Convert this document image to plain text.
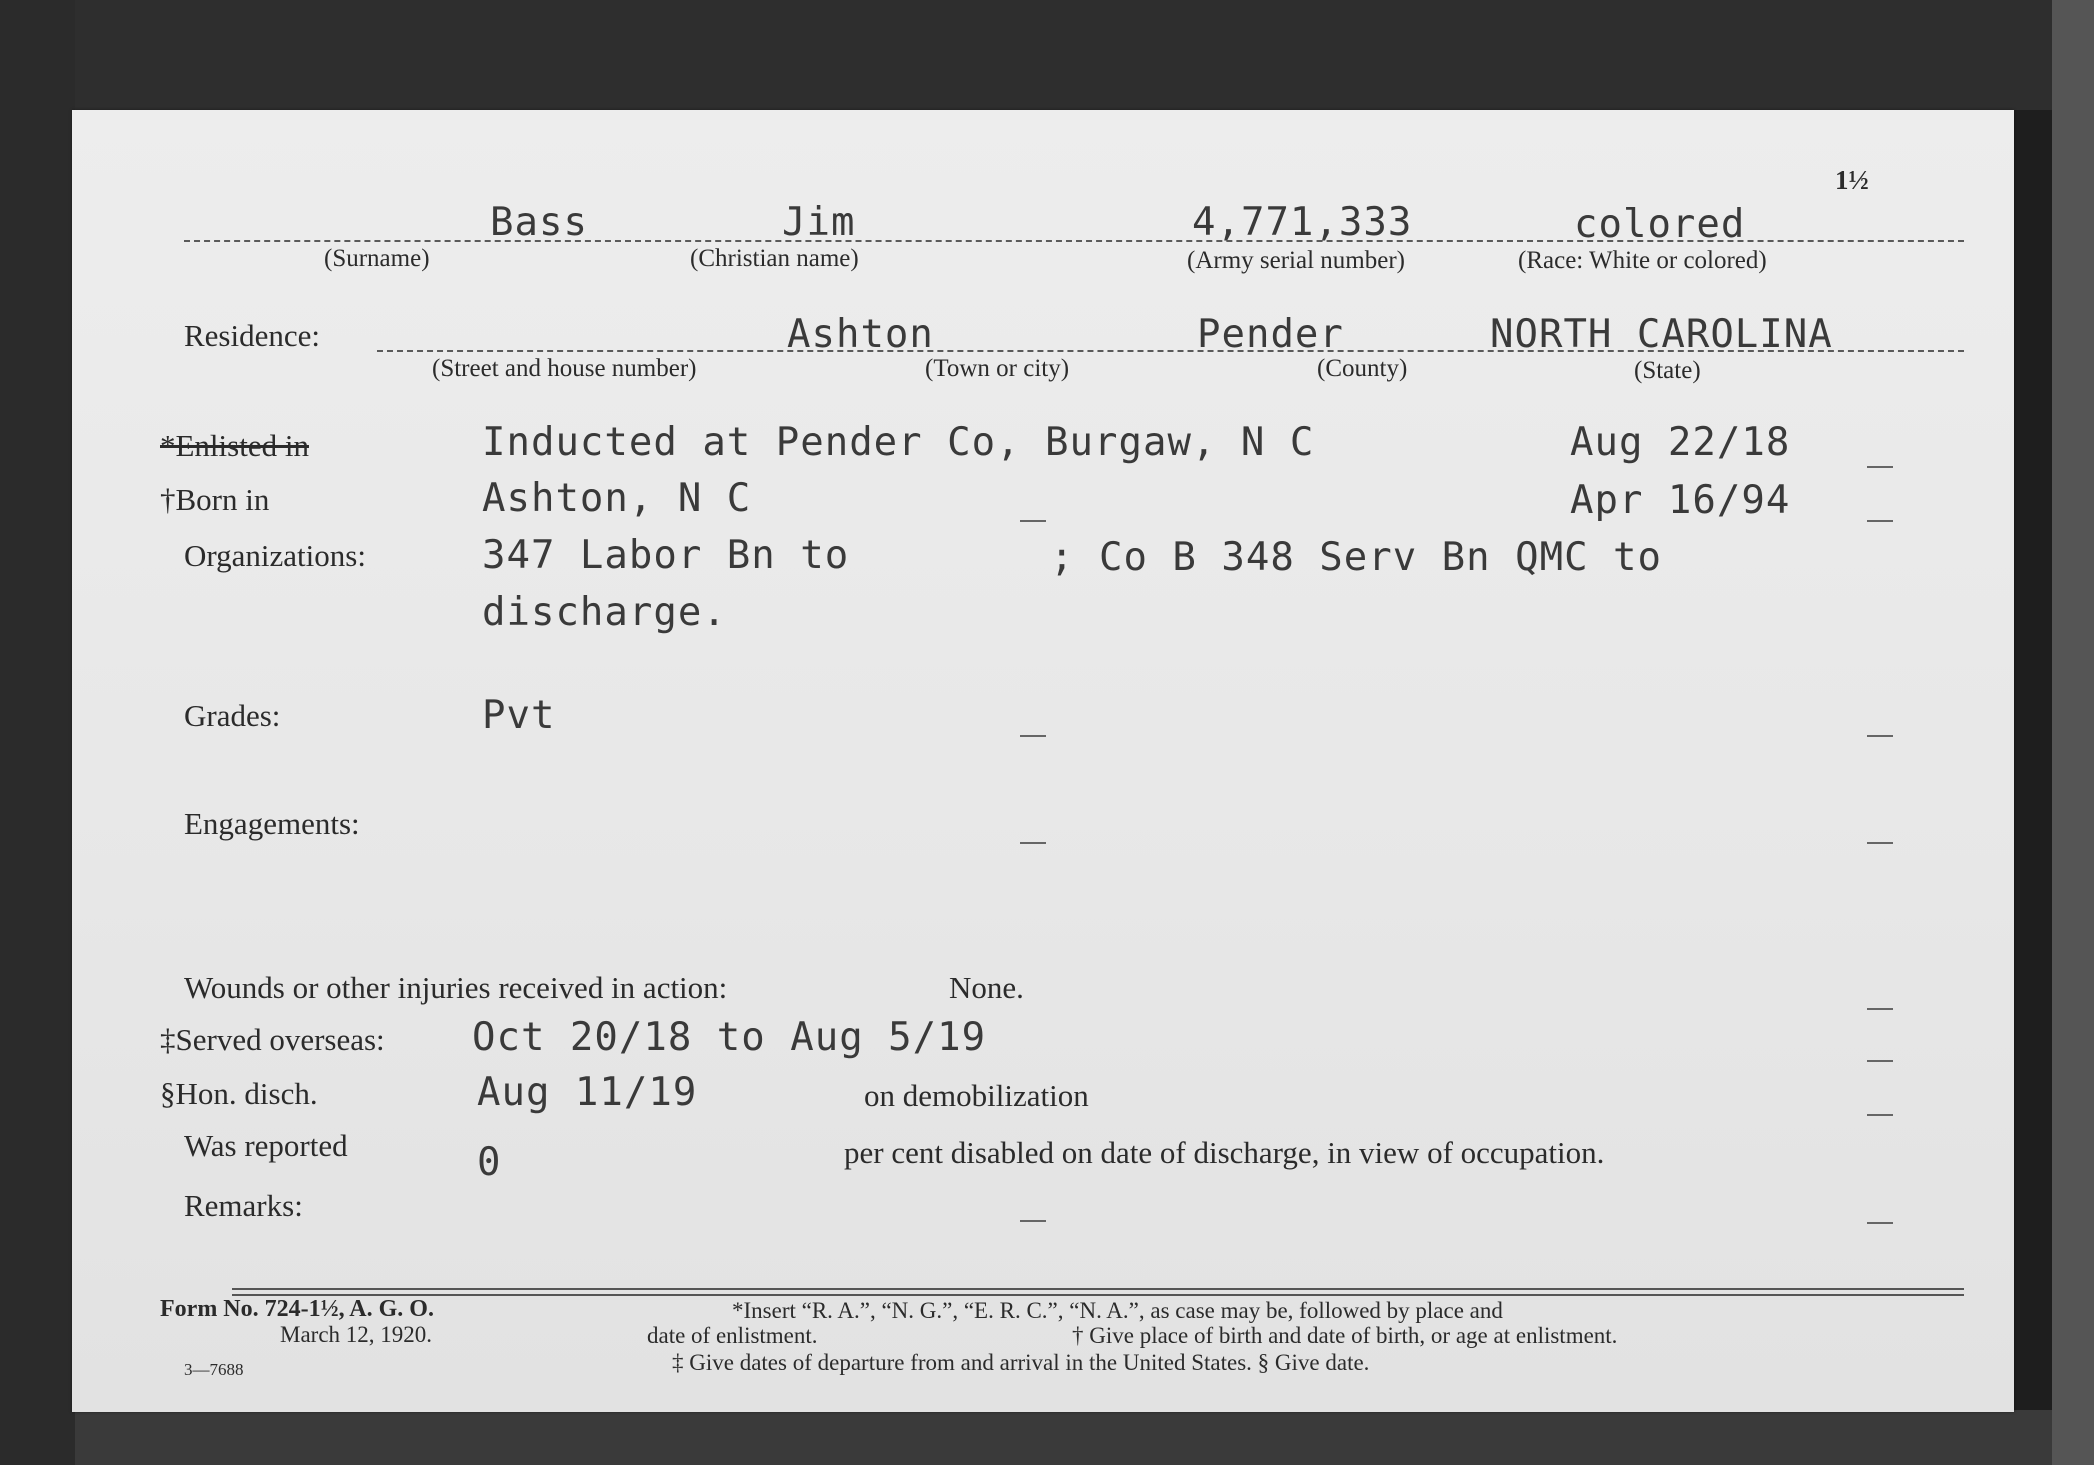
1½
Bass	Jim	4,771,333	colored
(Surname)	(Christian name)	(Army serial number)	(Race: White or colored)
Residence:	Ashton	Pender	NORTH CAROLINA
(Street and house number)	(Town or city)	(County)	(State)
*Enlisted in	Inducted at Pender Co, Burgaw, N C	Aug 22/18
†Born in	Ashton, N C	Apr 16/94
Organizations:	347 Labor Bn to	; Co B 348 Serv Bn QMC to
discharge.
Grades:	Pvt
Engagements:
Wounds or other injuries received in action:	None.
‡Served overseas: Oct 20/18 to Aug 5/19
§Hon. disch.	Aug 11/19	on demobilization
Was reported	0	per cent disabled on date of discharge, in view of occupation.
Remarks:
Form No. 724-1½, A. G. O.
March 12, 1920.
3—7688
*Insert “R. A.”, “N. G.”, “E. R. C.”, “N. A.”, as case may be, followed by place and
date of enlistment.	† Give place of birth and date of birth, or age at enlistment.
‡ Give dates of departure from and arrival in the United States. § Give date.
